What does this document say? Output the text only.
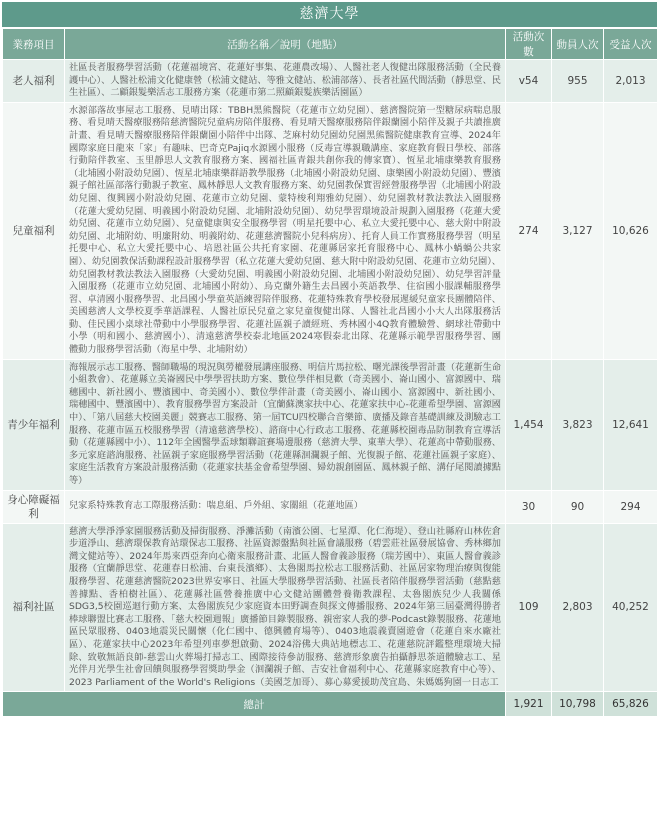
慈濟大學
業務項目	活動名稱／說明（地點）	活動次數	動員人次	受益人次
老人福利	社區長者服務學習活動（花蓮福境宮、花蓮好事集、花蓮農改場）、人醫社老人復健出隊服務活動（全民養護中心）、人醫社松浦文化健康營（松浦文健站、等雅文健站、松浦部落）、長者社區代間活動（靜思堂、民生社區）、二顧銀髮樂活志工服務方案（花蓮市第二照顧銀髮族樂活園區）	v54	955	2,013
兒童福利	水源部落故事屋志工服務、見晴出隊：TBBH黑熊醫院（花蓮市立幼兒園）、慈濟醫院第一型糖尿病喘息服務、看見晴天醫療服務陪慈濟醫院兒童病房陪伴服務、看見晴天醫療服務陪伴銀蘭園小陪伴及親子共讀推廣計畫、看見晴天醫療服務陪伴銀蘭園小陪伴中出隊、芝麻村幼兒園幼兒園黑熊醫院健康教育宣導、2024年國際家庭日龍來「家」有趣味、巴奇克Pajiq水源國小服務（反毒宣導親職講座、家庭教育假日學校、部落行動陪伴教室、玉里靜思人文教育服務方案、國福社區青銀共創你我的傳家寶）、恆星北埔康樂教育服務（北埔國小附設幼兒園）、恆星北埔康樂群語教學服務（北埔國小附設幼兒園、康樂國小附設幼兒園）、豐濱親子館社區部落行動親子教室、鳳林靜思人文教育服務方案、幼兒園教保實習經營服務學習（北埔國小附設幼兒園、復興國小附設幼兒園、花蓮市立幼兒園、蒙特梭利翔雅幼兒園）、幼兒園教材教法教法入園服務（花蓮大愛幼兒園、明義國小附設幼兒園、北埔附設幼兒園）、幼兒學習環境設計規劃入園服務（花蓮大愛幼兒園、花蓮市立幼兒園）、兒童健康與安全服務學習（明星托嬰中心、私立大愛托嬰中心、慈大附中附設幼兒園、北埔附幼、明廉附幼、明義附幼、花蓮慈濟醫院小兒科病房）、托育人員工作實務服務學習（明星托嬰中心、私立大愛托嬰中心、培恩社區公共托育家園、花蓮縣居家托育服務中心、鳳林小蝸蝸公共家園）、幼兒園教保活動課程設計服務學習（私立花蓮大愛幼兒園、慈大附中附設幼兒園、花蓮市立幼兒園）、幼兒園教材教法教法入園服務（大愛幼兒園、明義國小附設幼兒園、北埔國小附設幼兒園）、幼兒學習評量入園服務（花蓮市立幼兒園、北埔國小附幼）、烏克蘭外籍生去昌國小英語教學、住宿國小服課輔服務學習、卓清國小服務學習、北昌國小學童英語練習陪伴服務、花蓮特殊教育學校發展遲緩兒童家長團體陪伴、美國慈濟人文學校夏季華語課程、人醫社原民兒童之家兒童復健出隊、人醫社北昌國小小大人出隊服務活動、佳民國小桌球社帶動中小學服務學習、花蓮社區親子讀經班、秀林國小4Q教育體驗營、網球社帶動中小學（明和國小、慈濟國小）、清遠慈濟學校泰北地區2024寒假泰北出隊、花蓮縣示範學習服務學習、團體動力服務學習活動（海星中學、北埔附幼）	274	3,127	10,626
青少年福利	海報展示志工服務、醫師職場的現況與勞權發展講座服務、明信片馬拉松、曙光課後學習計畫（花蓮新生命小組教會）、花蓮縣立美崙國民中學學習扶助方案、數位學伴相見歡（奇美國小、崙山國小、富源國中、瑞穗國中、新社國小、豐濱國中、奇美國小）、數位學伴計畫（奇美國小、崙山國小、富源國中、新社國小、瑞穗國中、豐濱國中）、教育服務學習方案設計（宜蘭蘇澳家扶中心、花蓮家扶中心-花蓮希望學園、富源國中）、「第八屆慈大校園美麗」競賽志工服務、第一屆TCU四校聯合音樂節、廣播及錄音基礎訓練及測驗志工服務、花蓮市區五校服務學習（清遠慈濟學校）、諮商中心行政志工服務、花蓮縣校園毒品防制教育宣導活動（花蓮縣國中小）、112年全國醫學盃球類聯誼賽場邊服務（慈濟大學、東華大學）、花蓮高中帶動服務、多元家庭諮詢服務、社區親子家庭服務學習活動（花蓮縣洄瀾親子館、光復親子館、花蓮社區親子家庭）、家庭生活教育方案設計服務活動（花蓮家扶基金會希望學園、婦幼親創園區、鳳林親子館、溝仔尾閱讀據點等）	1,454	3,823	12,641
身心障礙福利	兒家系特殊教育志工際服務活動：喘息組、戶外組、家關組（花蓮地區）	30	90	294
福利社區	慈濟大學淨淨家園服務活動及掃街服務、淨灘活動（南濱公園、七星潭、化仁海堤）、登山社縣府山林佐倉步道淨山、慈濟環保教育站環保志工服務、社區資源盤點與社區會議服務（碧雲莊社區發展協會、秀林鄉加灣文健站等）、2024年馬來西亞奔向心衛來服務計畫、北區人醫會義診服務（瑞芳國中）、東區人醫會義診服務（宜蘭靜思堂、花蓮春日松浦、台東長濱鄉）、太魯閣馬拉松志工服務活動、社區居家物理治療與復能服務學習、花蓮慈濟醫院2023世界安寧日、社區大學服務學習活動、社區長者陪伴服務學習活動（慈點慈善據點、香柏樹社區）、花蓮縣社區營養推廣中心文健站團體營養衛教課程、太魯閣族兒少人我關係SDG3,5校園巡迴行動方案、太魯閣族兒少家庭資本田野調查與探文傳播服務、2024年第三屆臺灣得勝者棒球聯盟比賽志工服務、「慈大校園週報」廣播節目錄製服務、親密家人我的夢-Podcast錄製服務、花蓮地區民眾服務、0403地震災民關懷（化仁國中、德興體育場等）、0403地震義賣園遊會（花蓮自來水廠社區）、花蓮家扶中心2023年希望列車夢想啟動、2024浴佛大典站地標志工、花蓮慈院評鑑整理環境大掃除、致敬無語良師-慈雲山火葬場打掃志工、國際接待參訪服務、慈濟形象廣告拍攝靜思茶道體驗志工、星光伴月光學生社會回饋與服務學習獎助學金（洄瀾親子館、吉安社會福利中心、花蓮縣家庭教育中心等）、2023 Parliament of the World's Religions（美國芝加哥）、募心募愛援助茂宜島、朱媽媽狗園一日志工	109	2,803	40,252
總計		1,921	10,798	65,826
